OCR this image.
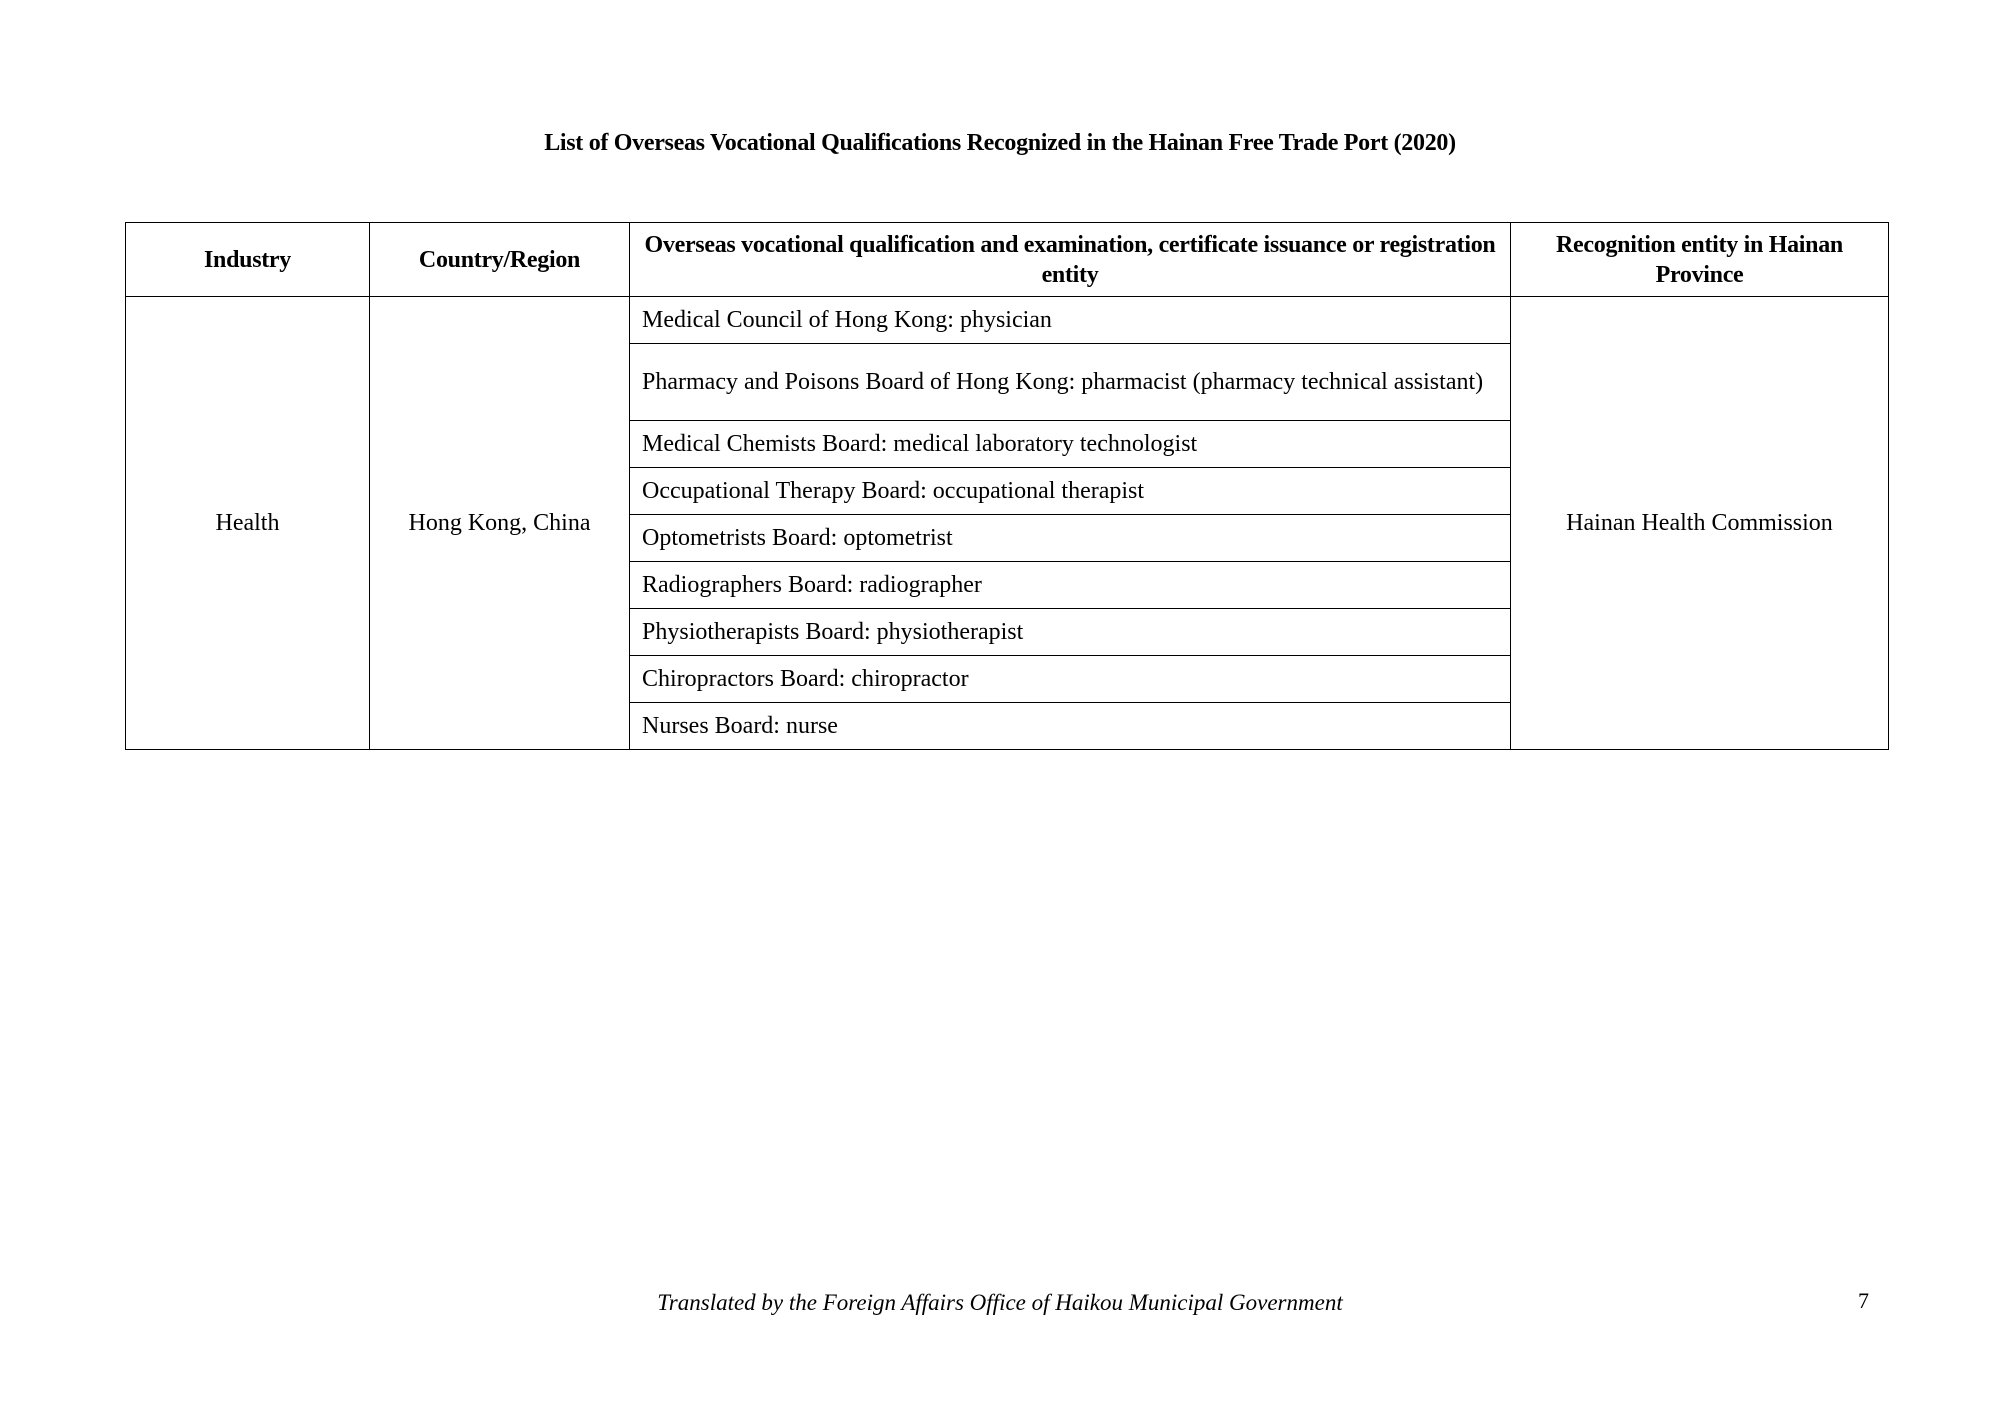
List of Overseas Vocational Qualifications Recognized in the Hainan Free Trade Port (2020)
Industry	Country/Region	Overseas vocational qualification and examination, certificate issuance or registration entity	Recognition entity in Hainan Province
Health	Hong Kong, China	Medical Council of Hong Kong: physician	Hainan Health Commission
		Pharmacy and Poisons Board of Hong Kong: pharmacist (pharmacy technical assistant)	
		Medical Chemists Board: medical laboratory technologist	
		Occupational Therapy Board: occupational therapist	
		Optometrists Board: optometrist	
		Radiographers Board: radiographer	
		Physiotherapists Board: physiotherapist	
		Chiropractors Board: chiropractor	
		Nurses Board: nurse	
Translated by the Foreign Affairs Office of Haikou Municipal Government	7
